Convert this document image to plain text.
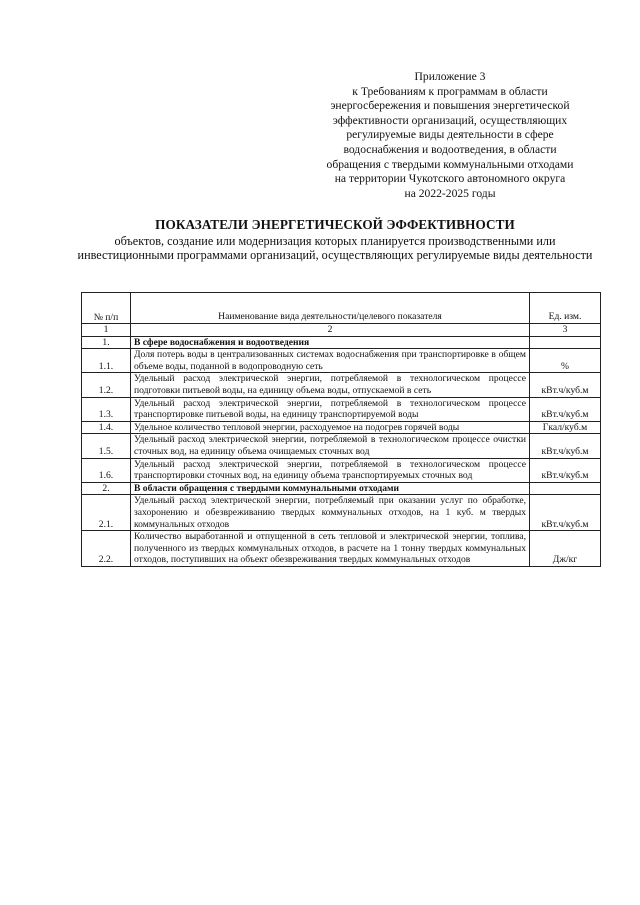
Приложение 3
к Требованиям к программам в области
энергосбережения и повышения энергетической
эффективности организаций, осуществляющих
регулируемые виды деятельности в сфере
водоснабжения и водоотведения, в области
обращения с твердыми коммунальными отходами
на территории Чукотского автономного округа
на 2022-2025 годы
ПОКАЗАТЕЛИ ЭНЕРГЕТИЧЕСКОЙ ЭФФЕКТИВНОСТИ
объектов, создание или модернизация которых планируется производственными или инвестиционными программами организаций, осуществляющих регулируемые виды деятельности
№ п/п	Наименование вида деятельности/целевого показателя	Ед. изм.
1	2	3
1.	В сфере водоснабжения и водоотведения	
1.1.	Доля потерь воды в централизованных системах водоснабжения при транспортировке в общем объеме воды, поданной в водопроводную сеть	%
1.2.	Удельный расход электрической энергии, потребляемой в технологическом процессе подготовки питьевой воды, на единицу объема воды, отпускаемой в сеть	кВт.ч/куб.м
1.3.	Удельный расход электрической энергии, потребляемой в технологическом процессе транспортировке питьевой воды, на единицу транспортируемой воды	кВт.ч/куб.м
1.4.	Удельное количество тепловой энергии, расходуемое на подогрев горячей воды	Гкал/куб.м
1.5.	Удельный расход электрической энергии, потребляемой в технологическом процессе очистки сточных вод, на единицу объема очищаемых сточных вод	кВт.ч/куб.м
1.6.	Удельный расход электрической энергии, потребляемой в технологическом процессе транспортировки сточных вод, на единицу объема транспортируемых сточных вод	кВт.ч/куб.м
2.	В области обращения с твердыми коммунальными отходами	
2.1.	Удельный расход электрической энергии, потребляемый при оказании услуг по обработке, захоронению и обезвреживанию твердых коммунальных отходов, на 1 куб. м твердых коммунальных отходов	кВт.ч/куб.м
2.2.	Количество выработанной и отпущенной в сеть тепловой и электрической энергии, топлива, полученного из твердых коммунальных отходов, в расчете на 1 тонну твердых коммунальных отходов, поступивших на объект обезвреживания твердых коммунальных отходов	Дж/кг
